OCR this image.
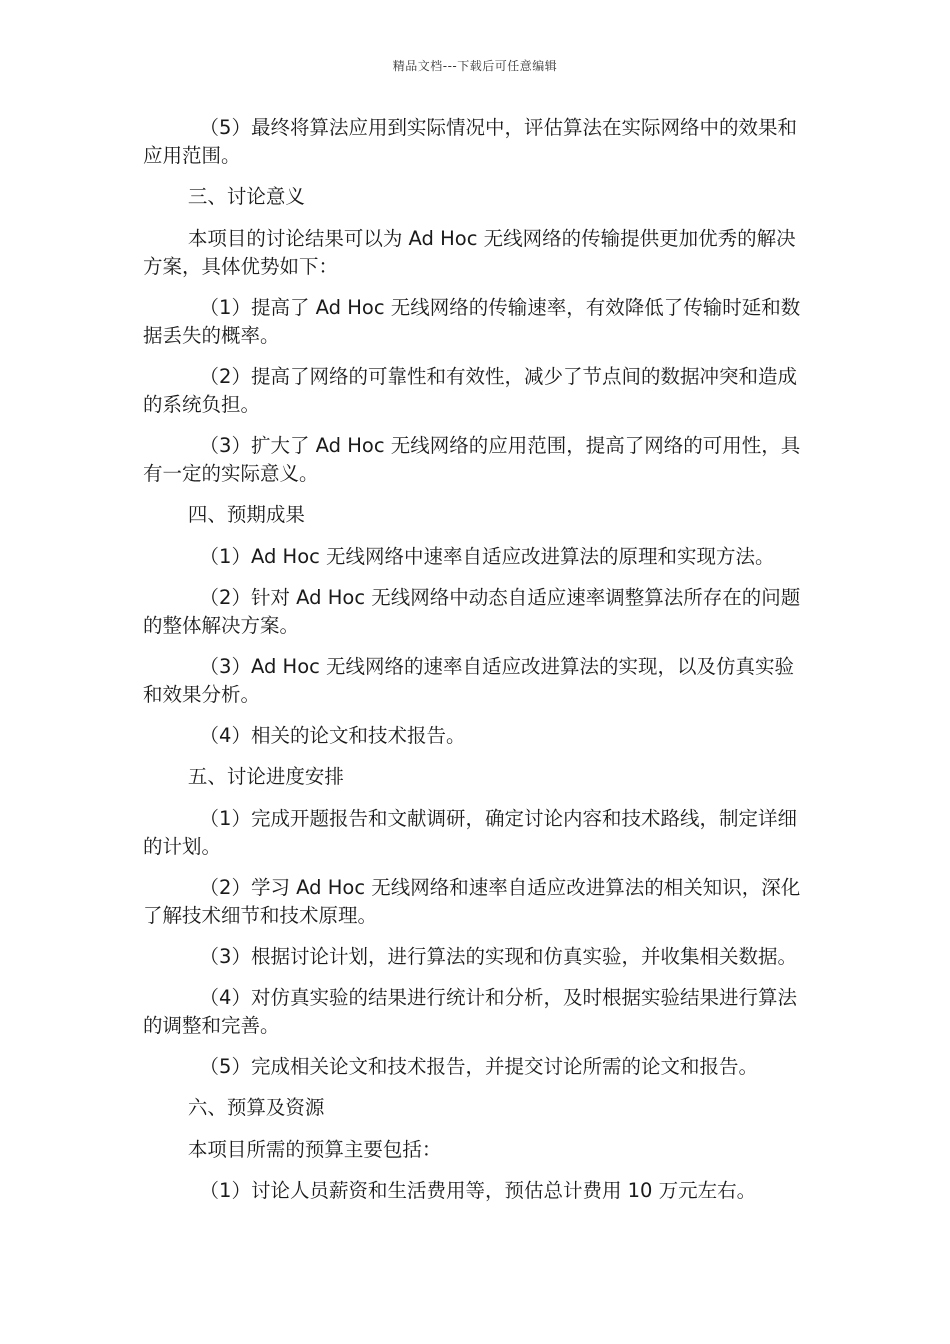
精品文档---下载后可任意编辑

（5）最终将算法应用到实际情况中，评估算法在实际网络中的效果和应用范围。

三、讨论意义

本项目的讨论结果可以为 Ad Hoc 无线网络的传输提供更加优秀的解决方案，具体优势如下：

（1）提高了 Ad Hoc 无线网络的传输速率，有效降低了传输时延和数据丢失的概率。

（2）提高了网络的可靠性和有效性，减少了节点间的数据冲突和造成的系统负担。

（3）扩大了 Ad Hoc 无线网络的应用范围，提高了网络的可用性，具有一定的实际意义。

四、预期成果

（1）Ad Hoc 无线网络中速率自适应改进算法的原理和实现方法。

（2）针对 Ad Hoc 无线网络中动态自适应速率调整算法所存在的问题的整体解决方案。

（3）Ad Hoc 无线网络的速率自适应改进算法的实现，以及仿真实验和效果分析。

（4）相关的论文和技术报告。

五、讨论进度安排

（1）完成开题报告和文献调研，确定讨论内容和技术路线，制定详细的计划。

（2）学习 Ad Hoc 无线网络和速率自适应改进算法的相关知识，深化了解技术细节和技术原理。

（3）根据讨论计划，进行算法的实现和仿真实验，并收集相关数据。

（4）对仿真实验的结果进行统计和分析，及时根据实验结果进行算法的调整和完善。

（5）完成相关论文和技术报告，并提交讨论所需的论文和报告。

六、预算及资源

本项目所需的预算主要包括：

（1）讨论人员薪资和生活费用等，预估总计费用 10 万元左右。
